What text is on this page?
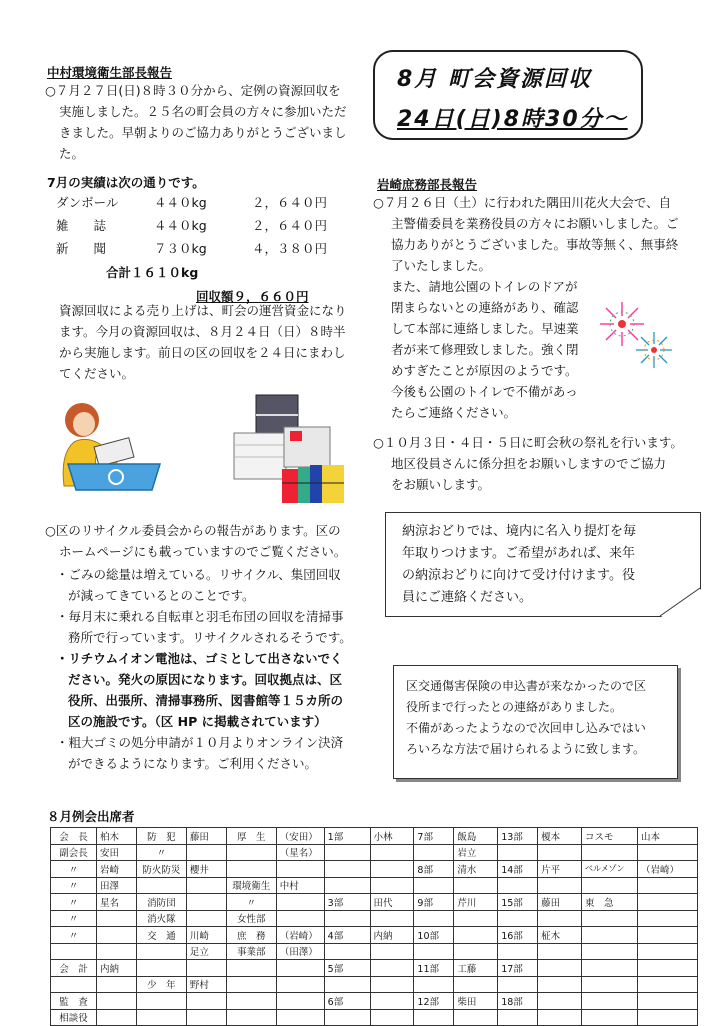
中村環境衛生部長報告

○７月２７日(日)８時３０分から、定例の資源回収を

実施しました。２５名の町会員の方々に参加いただ

きました。早朝よりのご協力ありがとうございまし

た。

7月の実績は次の通りです。
ダンボール	４４０kg	２，６４０円
雑　　誌	４４０kg	２，６４０円
新　　聞	７３０kg	４，３８０円
合計１６１０kg
回収額９，６６０円

資源回収による売り上げは、町会の運営資金になり

ます。今月の資源回収は、８月２４日（日）８時半

から実施します。前日の区の回収を２４日にまわし

てください。

○区のリサイクル委員会からの報告があります。区の

ホームページにも載っていますのでご覧ください。

・ごみの総量は増えている。リサイクル、集団回収

が減ってきているとのことです。

・毎月末に乗れる自転車と羽毛布団の回収を清掃事

務所で行っています。リサイクルされるそうです。

・リチウムイオン電池は、ゴミとして出さないでく

ださい。発火の原因になります。回収拠点は、区

役所、出張所、清掃事務所、図書館等１５カ所の

区の施設です。（区 HP に掲載されています）

・粗大ゴミの処分申請が１０月よりオンライン決済

ができるようになります。ご利用ください。

8月 町会資源回収
24日(日)8時30分～
岩崎庶務部長報告

○７月２６日（土）に行われた隅田川花火大会で、自

主警備委員を業務役員の方々にお願いしました。ご

協力ありがとうございました。事故等無く、無事終

了いたしました。

また、請地公園のトイレのドアが

閉まらないとの連絡があり、確認

して本部に連絡しました。早速業

者が来て修理致しました。強く閉

めすぎたことが原因のようです。

今後も公園のトイレで不備があっ

たらご連絡ください。

○１０月３日・４日・５日に町会秋の祭礼を行います。

地区役員さんに係分担をお願いしますのでご協力

をお願いします。

納涼おどりでは、境内に名入り提灯を毎

年取りつけます。ご希望があれば、来年

の納涼おどりに向けて受け付けます。役

員にご連絡ください。

区交通傷害保険の申込書が来なかったので区

役所まで行ったとの連絡がありました。

不備があったようなので次回申し込みではい

ろいろな方法で届けられるように致します。

８月例会出席者
会　長	柏木	防　犯	藤田	厚　生	（安田）	1部	小林	7部	飯島	13部	榎本	コスモ	山本
副会長	安田	〃			（星名）				岩立				
〃	岩崎	防火防災	櫻井					8部	清水	14部	片平	ベルメゾン	（岩崎）
〃	田澤			環境衛生	中村								
〃	星名	消防団		〃		3部	田代	9部	芹川	15部	藤田	東　急	
〃		消火隊		女性部									
〃		交　通	川崎	庶　務	（岩崎）	4部	内納	10部		16部	柾木		
			足立	事業部	（田澤）								
会　計	内納					5部		11部	工藤	17部			
		少　年	野村										
監　査						6部		12部	柴田	18部			
相談役													
